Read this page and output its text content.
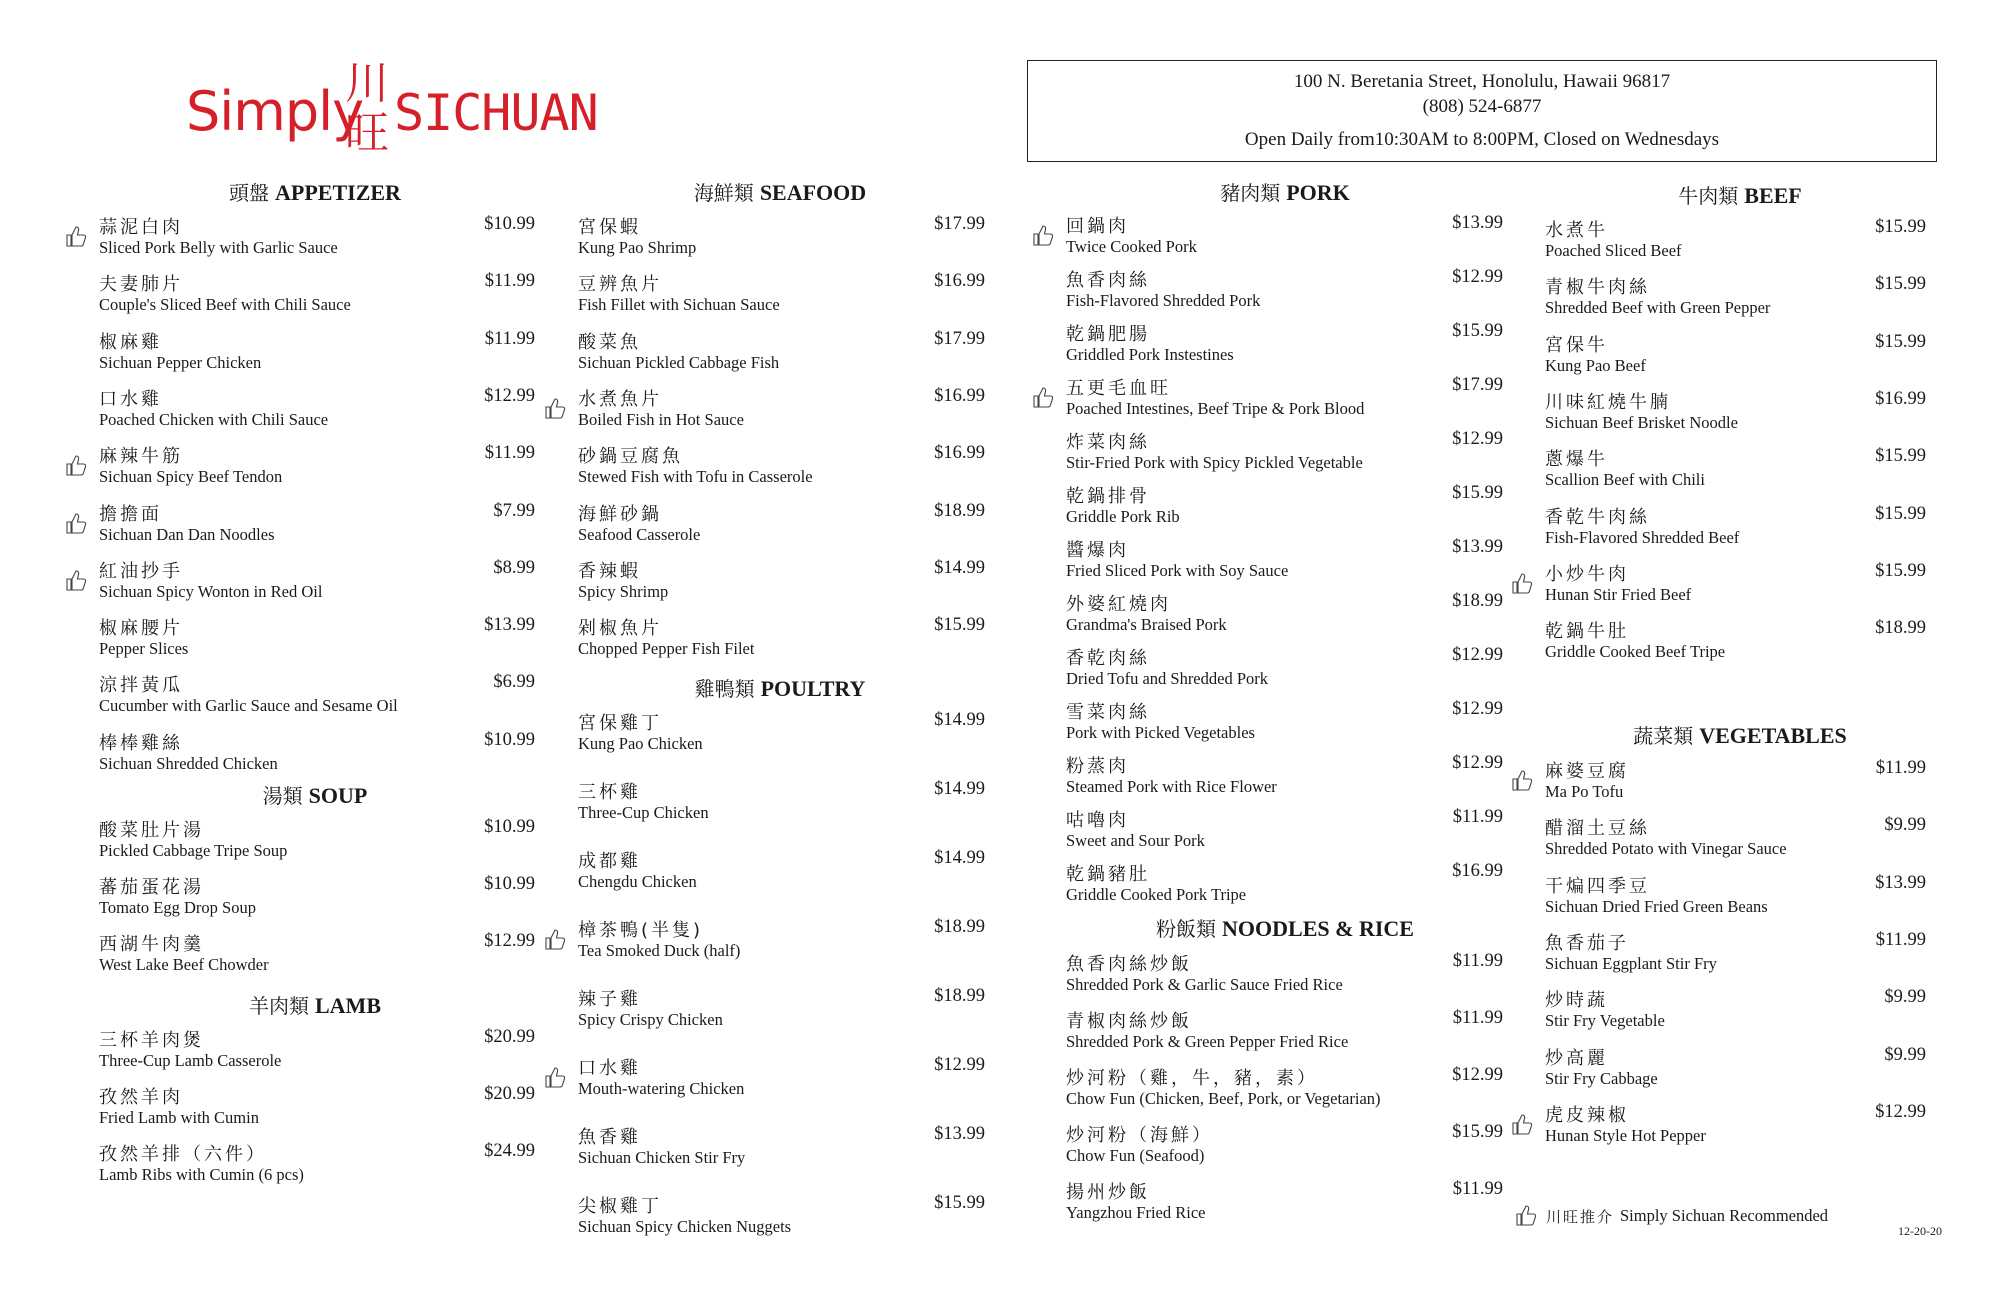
Simply
川
旺 SICHUAN
100 N. Beretania Street, Honolulu, Hawaii 96817
(808) 524-6877
Open Daily from10:30AM to 8:00PM, Closed on Wednesdays
頭盤 APPETIZER
蒜泥白肉
Sliced Pork Belly with Garlic Sauce
$10.99
夫妻肺片
Couple's Sliced Beef with Chili Sauce
$11.99
椒麻雞
Sichuan Pepper Chicken
$11.99
口水雞
Poached Chicken with Chili Sauce
$12.99
麻辣牛筋
Sichuan Spicy Beef Tendon
$11.99
擔擔面
Sichuan Dan Dan Noodles
$7.99
紅油抄手
Sichuan Spicy Wonton in Red Oil
$8.99
椒麻腰片
Pepper Slices
$13.99
涼拌黃瓜
Cucumber with Garlic Sauce and Sesame Oil
$6.99
棒棒雞絲
Sichuan Shredded Chicken
$10.99
湯類 SOUP
酸菜肚片湯
Pickled Cabbage Tripe Soup
$10.99
蕃茄蛋花湯
Tomato Egg Drop Soup
$10.99
西湖牛肉羹
West Lake Beef Chowder
$12.99
羊肉類 LAMB
三杯羊肉煲
Three-Cup Lamb Casserole
$20.99
孜然羊肉
Fried Lamb with Cumin
$20.99
孜然羊排（六件）
Lamb Ribs with Cumin (6 pcs)
$24.99
海鮮類 SEAFOOD
宮保蝦
Kung Pao Shrimp
$17.99
豆辨魚片
Fish Fillet with Sichuan Sauce
$16.99
酸菜魚
Sichuan Pickled Cabbage Fish
$17.99
水煮魚片
Boiled Fish in Hot Sauce
$16.99
砂鍋豆腐魚
Stewed Fish with Tofu in Casserole
$16.99
海鮮砂鍋
Seafood Casserole
$18.99
香辣蝦
Spicy Shrimp
$14.99
剁椒魚片
Chopped Pepper Fish Filet
$15.99
雞鴨類 POULTRY
宮保雞丁
Kung Pao Chicken
$14.99
三杯雞
Three-Cup Chicken
$14.99
成都雞
Chengdu Chicken
$14.99
樟茶鴨(半隻)
Tea Smoked Duck (half)
$18.99
辣子雞
Spicy Crispy Chicken
$18.99
口水雞
Mouth-watering Chicken
$12.99
魚香雞
Sichuan Chicken Stir Fry
$13.99
尖椒雞丁
Sichuan Spicy Chicken Nuggets
$15.99
豬肉類 PORK
回鍋肉
Twice Cooked Pork
$13.99
魚香肉絲
Fish-Flavored Shredded Pork
$12.99
乾鍋肥腸
Griddled Pork Instestines
$15.99
五更毛血旺
Poached Intestines, Beef Tripe & Pork Blood
$17.99
炸菜肉絲
Stir-Fried Pork with Spicy Pickled Vegetable
$12.99
乾鍋排骨
Griddle Pork Rib
$15.99
醬爆肉
Fried Sliced Pork with Soy Sauce
$13.99
外婆紅燒肉
Grandma's Braised Pork
$18.99
香乾肉絲
Dried Tofu and Shredded Pork
$12.99
雪菜肉絲
Pork with Picked Vegetables
$12.99
粉蒸肉
Steamed Pork with Rice Flower
$12.99
咕嚕肉
Sweet and Sour Pork
$11.99
乾鍋豬肚
Griddle Cooked Pork Tripe
$16.99
粉飯類 NOODLES & RICE
魚香肉絲炒飯
Shredded Pork & Garlic Sauce Fried Rice
$11.99
青椒肉絲炒飯
Shredded Pork & Green Pepper Fried Rice
$11.99
炒河粉（雞，牛，豬，素）
Chow Fun (Chicken, Beef, Pork, or Vegetarian)
$12.99
炒河粉（海鮮）
Chow Fun (Seafood)
$15.99
揚州炒飯
Yangzhou Fried Rice
$11.99
牛肉類 BEEF
水煮牛
Poached Sliced Beef
$15.99
青椒牛肉絲
Shredded Beef with Green Pepper
$15.99
宮保牛
Kung Pao Beef
$15.99
川味紅燒牛腩
Sichuan Beef Brisket Noodle
$16.99
蔥爆牛
Scallion Beef with Chili
$15.99
香乾牛肉絲
Fish-Flavored Shredded Beef
$15.99
小炒牛肉
Hunan Stir Fried Beef
$15.99
乾鍋牛肚
Griddle Cooked Beef Tripe
$18.99
蔬菜類 VEGETABLES
麻婆豆腐
Ma Po Tofu
$11.99
醋溜土豆絲
Shredded Potato with Vinegar Sauce
$9.99
干煸四季豆
Sichuan Dried Fried Green Beans
$13.99
魚香茄子
Sichuan Eggplant Stir Fry
$11.99
炒時蔬
Stir Fry Vegetable
$9.99
炒高麗
Stir Fry Cabbage
$9.99
虎皮辣椒
Hunan Style Hot Pepper
$12.99
川旺推介 Simply Sichuan Recommended
12-20-20
